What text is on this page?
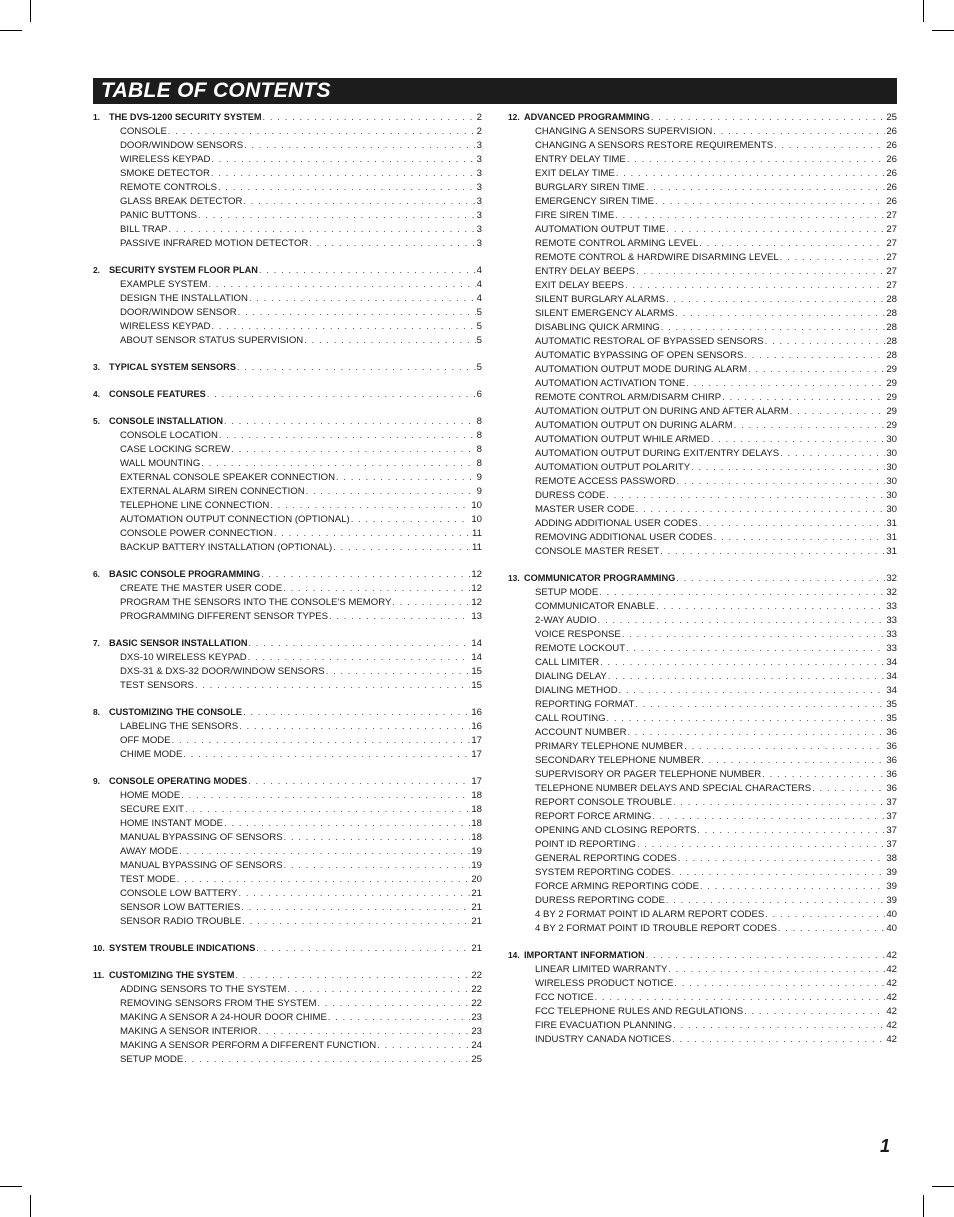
TABLE OF CONTENTS
1. THE DVS-1200 SECURITY SYSTEM . . .	2
CONSOLE . . .	2
DOOR/WINDOW SENSORS . . .	3
WIRELESS KEYPAD . . .	3
SMOKE DETECTOR . . .	3
REMOTE CONTROLS . . .	3
GLASS BREAK DETECTOR . . .	3
PANIC BUTTONS . . .	3
BILL TRAP . . .	3
PASSIVE INFRARED MOTION DETECTOR . . .	3
2. SECURITY SYSTEM FLOOR PLAN . . .	4
EXAMPLE SYSTEM . . .	4
DESIGN THE INSTALLATION . . .	4
DOOR/WINDOW SENSOR . . .	5
WIRELESS KEYPAD . . .	5
ABOUT SENSOR STATUS SUPERVISION . . .	5
3. TYPICAL SYSTEM SENSORS . . .	5
4. CONSOLE FEATURES . . .	6
5. CONSOLE INSTALLATION . . .	8
CONSOLE LOCATION . . .	8
CASE LOCKING SCREW . . .	8
WALL MOUNTING . . .	8
EXTERNAL CONSOLE SPEAKER CONNECTION . . .	9
EXTERNAL ALARM SIREN CONNECTION . . .	9
TELEPHONE LINE CONNECTION . . .	10
AUTOMATION OUTPUT CONNECTION (OPTIONAL) . . .	10
CONSOLE POWER CONNECTION . . .	11
BACKUP BATTERY INSTALLATION (OPTIONAL) . . .	11
6. BASIC CONSOLE PROGRAMMING . . .	12
CREATE THE MASTER USER CODE . . .	12
PROGRAM THE SENSORS INTO THE CONSOLE'S MEMORY . . .	12
PROGRAMMING DIFFERENT SENSOR TYPES . . .	13
7. BASIC SENSOR INSTALLATION . . .	14
DXS-10 WIRELESS KEYPAD . . .	14
DXS-31 & DXS-32 DOOR/WINDOW SENSORS . . .	15
TEST SENSORS . . .	15
8. CUSTOMIZING THE CONSOLE . . .	16
LABELING THE SENSORS . . .	16
OFF MODE . . .	17
CHIME MODE . . .	17
9. CONSOLE OPERATING MODES . . .	17
HOME MODE . . .	18
SECURE EXIT . . .	18
HOME INSTANT MODE . . .	18
MANUAL BYPASSING OF SENSORS . . .	18
AWAY MODE . . .	19
MANUAL BYPASSING OF SENSORS . . .	19
TEST MODE . . .	20
CONSOLE LOW BATTERY . . .	21
SENSOR LOW BATTERIES . . .	21
SENSOR RADIO TROUBLE . . .	21
10. SYSTEM TROUBLE INDICATIONS . . .	21
11. CUSTOMIZING THE SYSTEM . . .	22
ADDING SENSORS TO THE SYSTEM . . .	22
REMOVING SENSORS FROM THE SYSTEM . . .	22
MAKING A SENSOR A 24-HOUR DOOR CHIME . . .	23
MAKING A SENSOR INTERIOR . . .	23
MAKING A SENSOR PERFORM A DIFFERENT FUNCTION . . .	24
SETUP MODE . . .	25
12. ADVANCED PROGRAMMING . . .	25
CHANGING A SENSORS SUPERVISION . . .	26
CHANGING A SENSORS RESTORE REQUIREMENTS . . .	26
ENTRY DELAY TIME . . .	26
EXIT DELAY TIME . . .	26
BURGLARY SIREN TIME . . .	26
EMERGENCY SIREN TIME . . .	26
FIRE SIREN TIME . . .	27
AUTOMATION OUTPUT TIME . . .	27
REMOTE CONTROL ARMING LEVEL . . .	27
REMOTE CONTROL & HARDWIRE DISARMING LEVEL . . .	27
ENTRY DELAY BEEPS . . .	27
EXIT DELAY BEEPS . . .	27
SILENT BURGLARY ALARMS . . .	28
SILENT EMERGENCY ALARMS . . .	28
DISABLING QUICK ARMING . . .	28
AUTOMATIC RESTORAL OF BYPASSED SENSORS . . .	28
AUTOMATIC BYPASSING OF OPEN SENSORS . . .	28
AUTOMATION OUTPUT MODE DURING ALARM . . .	29
AUTOMATION ACTIVATION TONE . . .	29
REMOTE CONTROL ARM/DISARM CHIRP . . .	29
AUTOMATION OUTPUT ON DURING AND AFTER ALARM . . .	29
AUTOMATION OUTPUT ON DURING ALARM . . .	29
AUTOMATION OUTPUT WHILE ARMED . . .	30
AUTOMATION OUTPUT DURING EXIT/ENTRY DELAYS . . .	30
AUTOMATION OUTPUT POLARITY . . .	30
REMOTE ACCESS PASSWORD . . .	30
DURESS CODE . . .	30
MASTER USER CODE . . .	30
ADDING ADDITIONAL USER CODES . . .	31
REMOVING ADDITIONAL USER CODES . . .	31
CONSOLE MASTER RESET . . .	31
13. COMMUNICATOR PROGRAMMING . . .	32
SETUP MODE . . .	32
COMMUNICATOR ENABLE . . .	33
2-WAY AUDIO . . .	33
VOICE RESPONSE . . .	33
REMOTE LOCKOUT . . .	33
CALL LIMITER . . .	34
DIALING DELAY . . .	34
DIALING METHOD . . .	34
REPORTING FORMAT . . .	35
CALL ROUTING . . .	35
ACCOUNT NUMBER . . .	36
PRIMARY TELEPHONE NUMBER . . .	36
SECONDARY TELEPHONE NUMBER . . .	36
SUPERVISORY OR PAGER TELEPHONE NUMBER . . .	36
TELEPHONE NUMBER DELAYS AND SPECIAL CHARACTERS . . .	36
REPORT CONSOLE TROUBLE . . .	37
REPORT FORCE ARMING . . .	37
OPENING AND CLOSING REPORTS . . .	37
POINT ID REPORTING . . .	37
GENERAL REPORTING CODES . . .	38
SYSTEM REPORTING CODES . . .	39
FORCE ARMING REPORTING CODE . . .	39
DURESS REPORTING CODE . . .	39
4 BY 2 FORMAT POINT ID ALARM REPORT CODES . . .	40
4 BY 2 FORMAT POINT ID TROUBLE REPORT CODES . . .	40
14. IMPORTANT INFORMATION . . .	42
LINEAR LIMITED WARRANTY . . .	42
WIRELESS PRODUCT NOTICE . . .	42
FCC NOTICE . . .	42
FCC TELEPHONE RULES AND REGULATIONS . . .	42
FIRE EVACUATION PLANNING . . .	42
INDUSTRY CANADA NOTICES . . .	42
1
